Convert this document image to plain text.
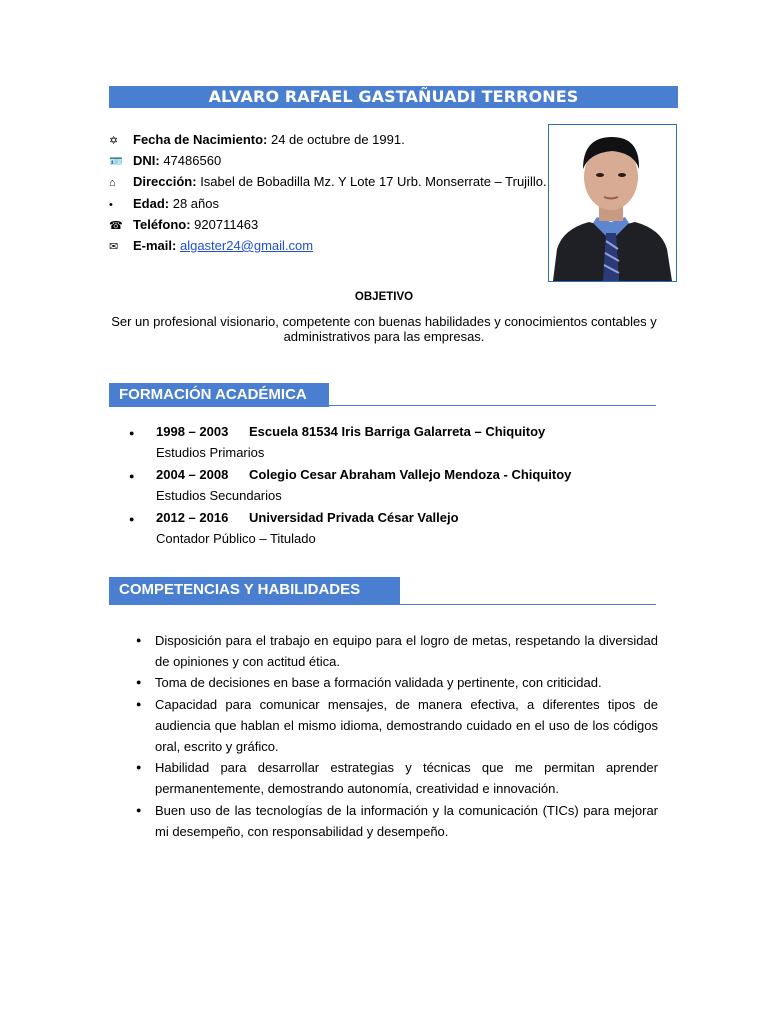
ALVARO RAFAEL GASTAÑUADI TERRONES
✡ Fecha de Nacimiento: 24 de octubre de 1991.
🪪 DNI: 47486560
⌂ Dirección: Isabel de Bobadilla Mz. Y Lote 17 Urb. Monserrate – Trujillo.
• Edad: 28 años
☎ Teléfono: 920711463
✉ E-mail: algaster24@gmail.com
OBJETIVO
Ser un profesional visionario, competente con buenas habilidades y conocimientos contables y administrativos para las empresas.
FORMACIÓN ACADÉMICA
● 1998 – 2003 Escuela 81534 Iris Barriga Galarreta – Chiquitoy
Estudios Primarios
● 2004 – 2008 Colegio Cesar Abraham Vallejo Mendoza - Chiquitoy
Estudios Secundarios
● 2012 – 2016 Universidad Privada César Vallejo
Contador Público – Titulado
COMPETENCIAS Y HABILIDADES
● Disposición para el trabajo en equipo para el logro de metas, respetando la diversidad de opiniones y con actitud ética.
● Toma de decisiones en base a formación validada y pertinente, con criticidad.
● Capacidad para comunicar mensajes, de manera efectiva, a diferentes tipos de audiencia que hablan el mismo idioma, demostrando cuidado en el uso de los códigos oral, escrito y gráfico.
● Habilidad para desarrollar estrategias y técnicas que me permitan aprender permanentemente, demostrando autonomía, creatividad e innovación.
● Buen uso de las tecnologías de la información y la comunicación (TICs) para mejorar mi desempeño, con responsabilidad y desempeño.
